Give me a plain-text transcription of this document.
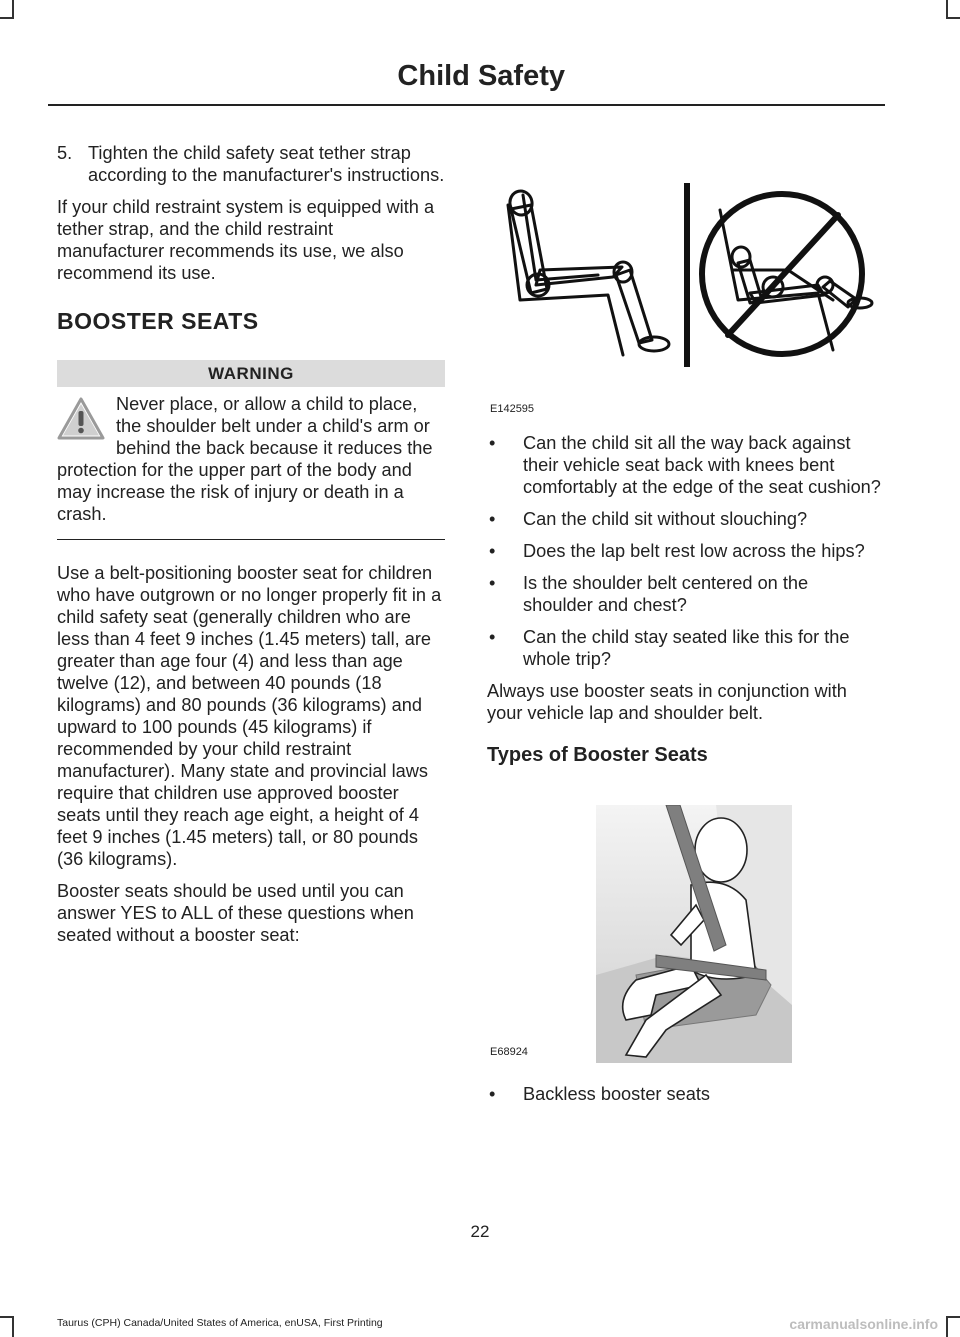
Child Safety
5. Tighten the child safety seat tether strap according to the manufacturer's instructions.

If your child restraint system is equipped with a tether strap, and the child restraint manufacturer recommends its use, we also recommend its use.

BOOSTER SEATS
WARNING
Never place, or allow a child to place, the shoulder belt under a child's arm or behind the back because it reduces the protection for the upper part of the body and may increase the risk of injury or death in a crash.

Use a belt-positioning booster seat for children who have outgrown or no longer properly fit in a child safety seat (generally children who are less than 4 feet 9 inches (1.45 meters) tall, are greater than age four (4) and less than age twelve (12), and between 40 pounds (18 kilograms) and 80 pounds (36 kilograms) and upward to 100 pounds (45 kilograms) if recommended by your child restraint manufacturer). Many state and provincial laws require that children use approved booster seats until they reach age eight, a height of 4 feet 9 inches (1.45 meters) tall, or 80 pounds (36 kilograms).

Booster seats should be used until you can answer YES to ALL of these questions when seated without a booster seat:

E142595
•	Can the child sit all the way back against their vehicle seat back with knees bent comfortably at the edge of the seat cushion?
•	Can the child sit without slouching?
•	Does the lap belt rest low across the hips?
•	Is the shoulder belt centered on the shoulder and chest?
•	Can the child stay seated like this for the whole trip?

Always use booster seats in conjunction with your vehicle lap and shoulder belt.

Types of Booster Seats
E68924
•	Backless booster seats
22
Taurus (CPH) Canada/United States of America, enUSA, First Printing	carmanualsonline.info
